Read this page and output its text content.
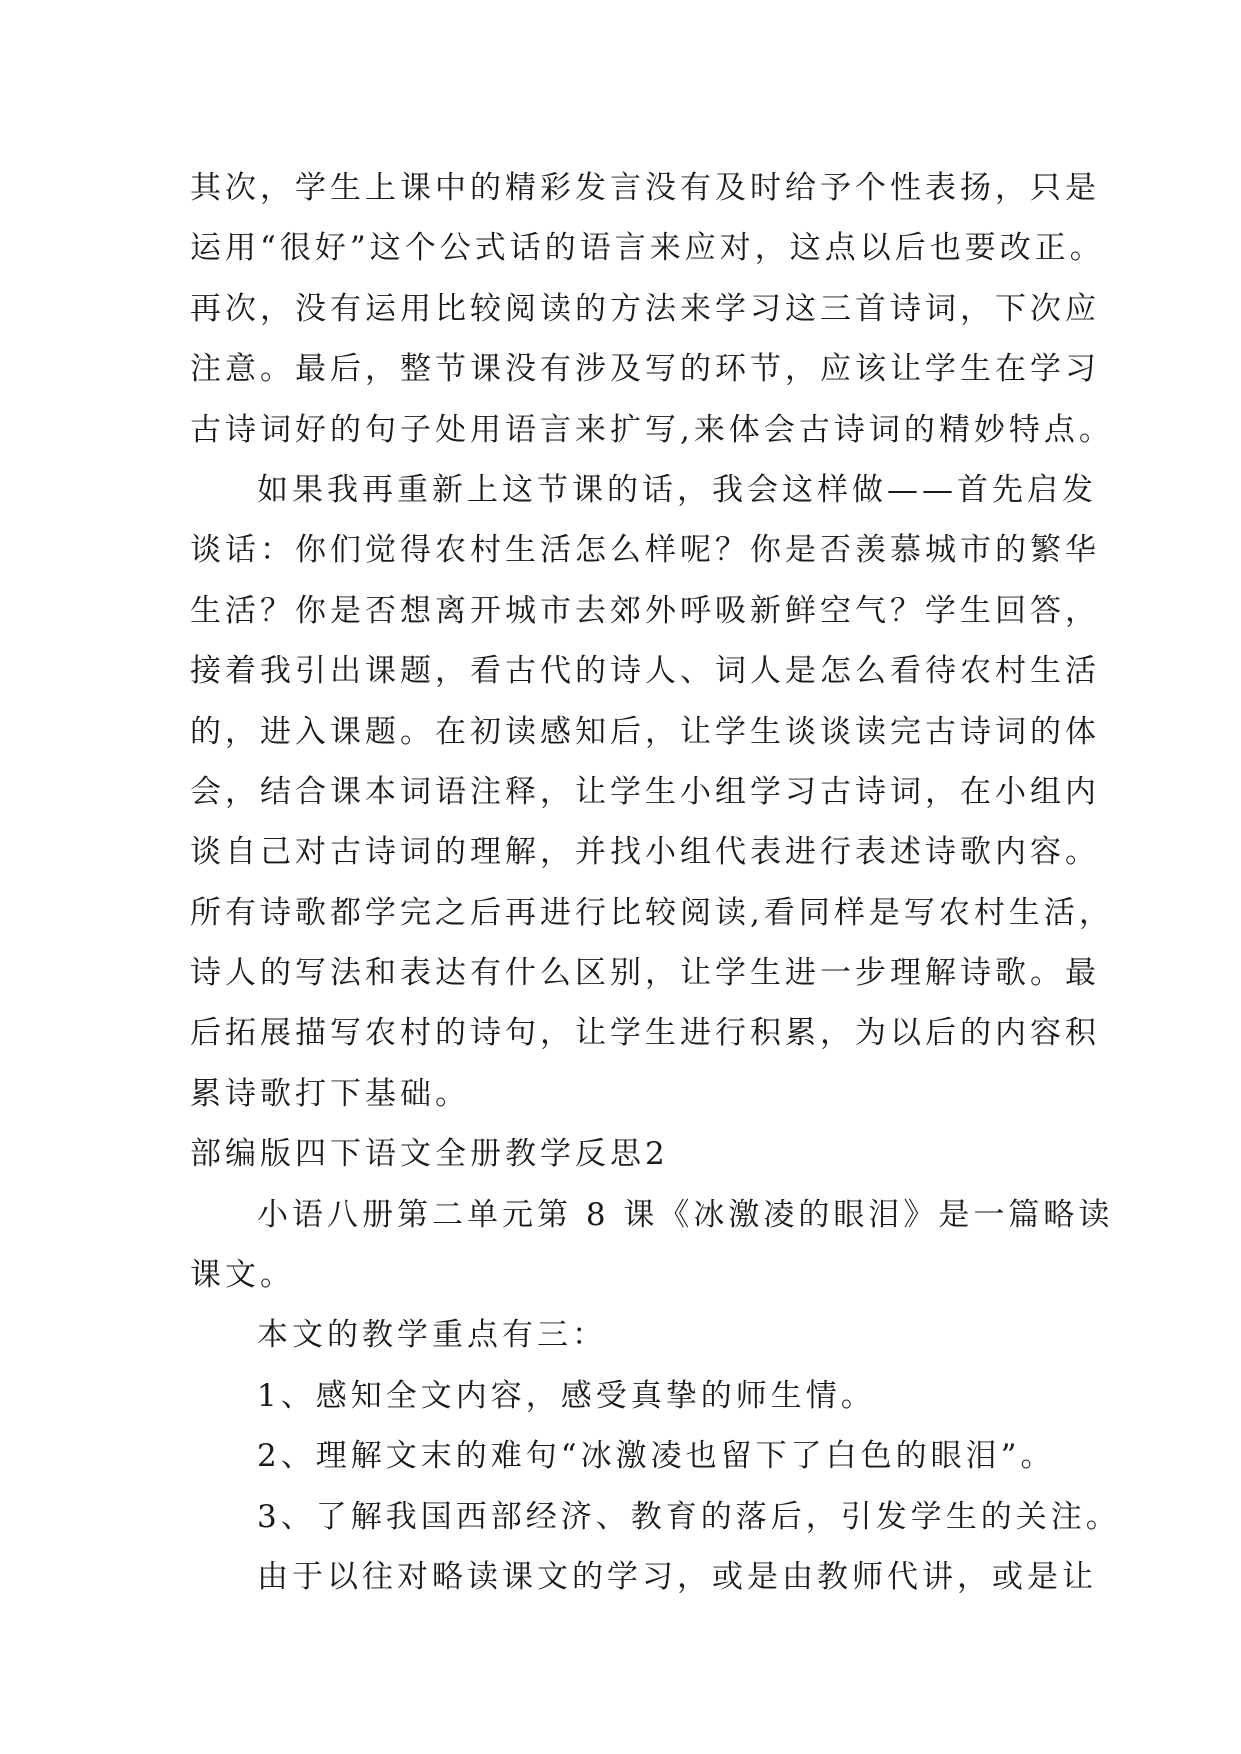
其次，学生上课中的精彩发言没有及时给予个性表扬，只是
运用“很好”这个公式话的语言来应对，这点以后也要改正。
再次，没有运用比较阅读的方法来学习这三首诗词，下次应
注意。最后，整节课没有涉及写的环节，应该让学生在学习
古诗词好的句子处用语言来扩写,来体会古诗词的精妙特点。
如果我再重新上这节课的话，我会这样做——首先启发
谈话：你们觉得农村生活怎么样呢？你是否羡慕城市的繁华
生活？你是否想离开城市去郊外呼吸新鲜空气？学生回答，
接着我引出课题，看古代的诗人、词人是怎么看待农村生活
的，进入课题。在初读感知后，让学生谈谈读完古诗词的体
会，结合课本词语注释，让学生小组学习古诗词，在小组内
谈自己对古诗词的理解，并找小组代表进行表述诗歌内容。
所有诗歌都学完之后再进行比较阅读,看同样是写农村生活，
诗人的写法和表达有什么区别，让学生进一步理解诗歌。最
后拓展描写农村的诗句，让学生进行积累，为以后的内容积
累诗歌打下基础。
部编版四下语文全册教学反思2
小语八册第二单元第 8 课《冰激凌的眼泪》是一篇略读
课文。
本文的教学重点有三：
1、感知全文内容，感受真挚的师生情。
2、理解文末的难句“冰激凌也留下了白色的眼泪”。
3、了解我国西部经济、教育的落后，引发学生的关注。
由于以往对略读课文的学习，或是由教师代讲，或是让
